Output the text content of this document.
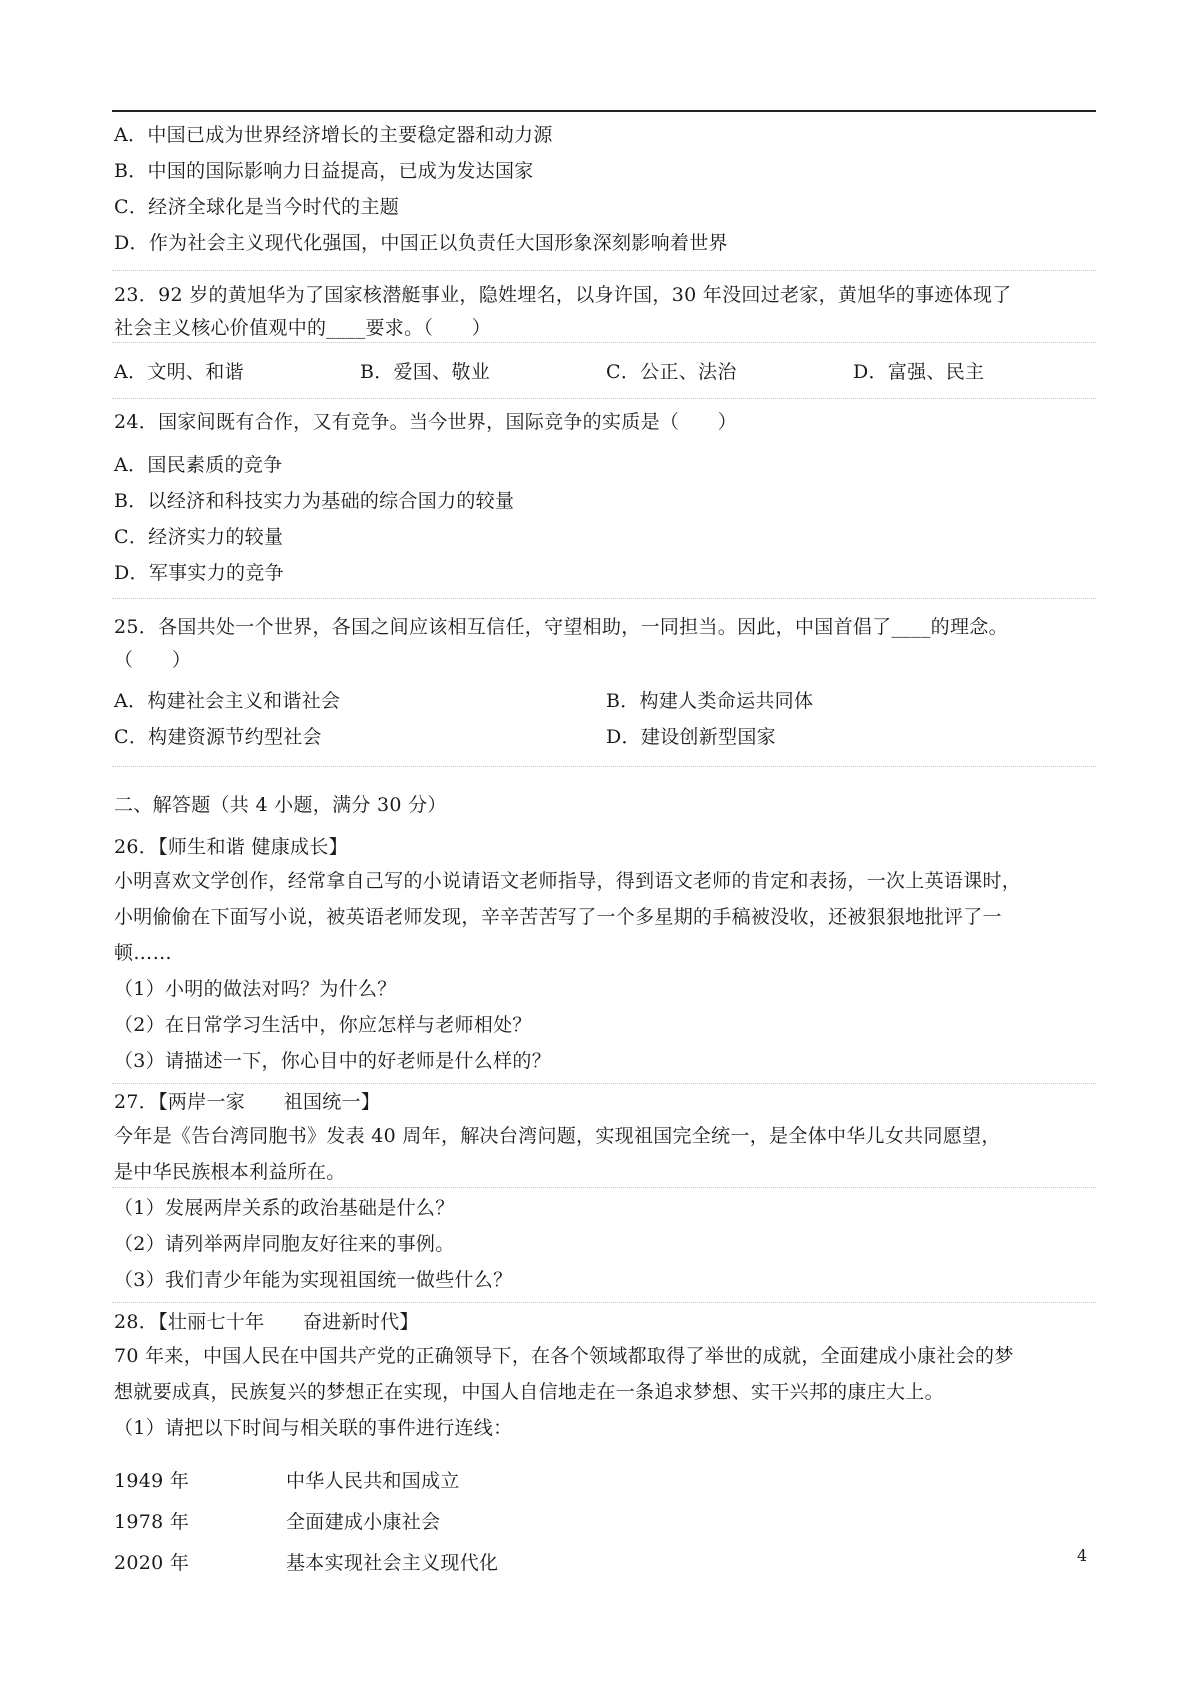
A．中国已成为世界经济增长的主要稳定器和动力源
B．中国的国际影响力日益提高，已成为发达国家
C．经济全球化是当今时代的主题
D．作为社会主义现代化强国，中国正以负责任大国形象深刻影响着世界
23．92 岁的黄旭华为了国家核潜艇事业，隐姓埋名，以身许国，30 年没回过老家，黄旭华的事迹体现了
社会主义核心价值观中的____要求。（　　）
A．文明、和谐	B．爱国、敬业	C．公正、法治	D．富强、民主
24．国家间既有合作，又有竞争。当今世界，国际竞争的实质是（　　）
A．国民素质的竞争
B．以经济和科技实力为基础的综合国力的较量
C．经济实力的较量
D．军事实力的竞争
25．各国共处一个世界，各国之间应该相互信任，守望相助，一同担当。因此，中国首倡了____的理念。
（　　）
A．构建社会主义和谐社会	B．构建人类命运共同体
C．构建资源节约型社会	D．建设创新型国家
二、解答题（共 4 小题，满分 30 分）
26．【师生和谐 健康成长】
小明喜欢文学创作，经常拿自己写的小说请语文老师指导，得到语文老师的肯定和表扬，一次上英语课时，
小明偷偷在下面写小说，被英语老师发现，辛辛苦苦写了一个多星期的手稿被没收，还被狠狠地批评了一
顿……
（1）小明的做法对吗？为什么？
（2）在日常学习生活中，你应怎样与老师相处？
（3）请描述一下，你心目中的好老师是什么样的？
27．【两岸一家　　祖国统一】
今年是《告台湾同胞书》发表 40 周年，解决台湾问题，实现祖国完全统一，是全体中华儿女共同愿望，
是中华民族根本利益所在。
（1）发展两岸关系的政治基础是什么？
（2）请列举两岸同胞友好往来的事例。
（3）我们青少年能为实现祖国统一做些什么？
28．【壮丽七十年　　奋进新时代】
70 年来，中国人民在中国共产党的正确领导下，在各个领域都取得了举世的成就，全面建成小康社会的梦
想就要成真，民族复兴的梦想正在实现，中国人自信地走在一条追求梦想、实干兴邦的康庄大上。
（1）请把以下时间与相关联的事件进行连线：
1949 年	中华人民共和国成立
1978 年	全面建成小康社会
2020 年	基本实现社会主义现代化	4
